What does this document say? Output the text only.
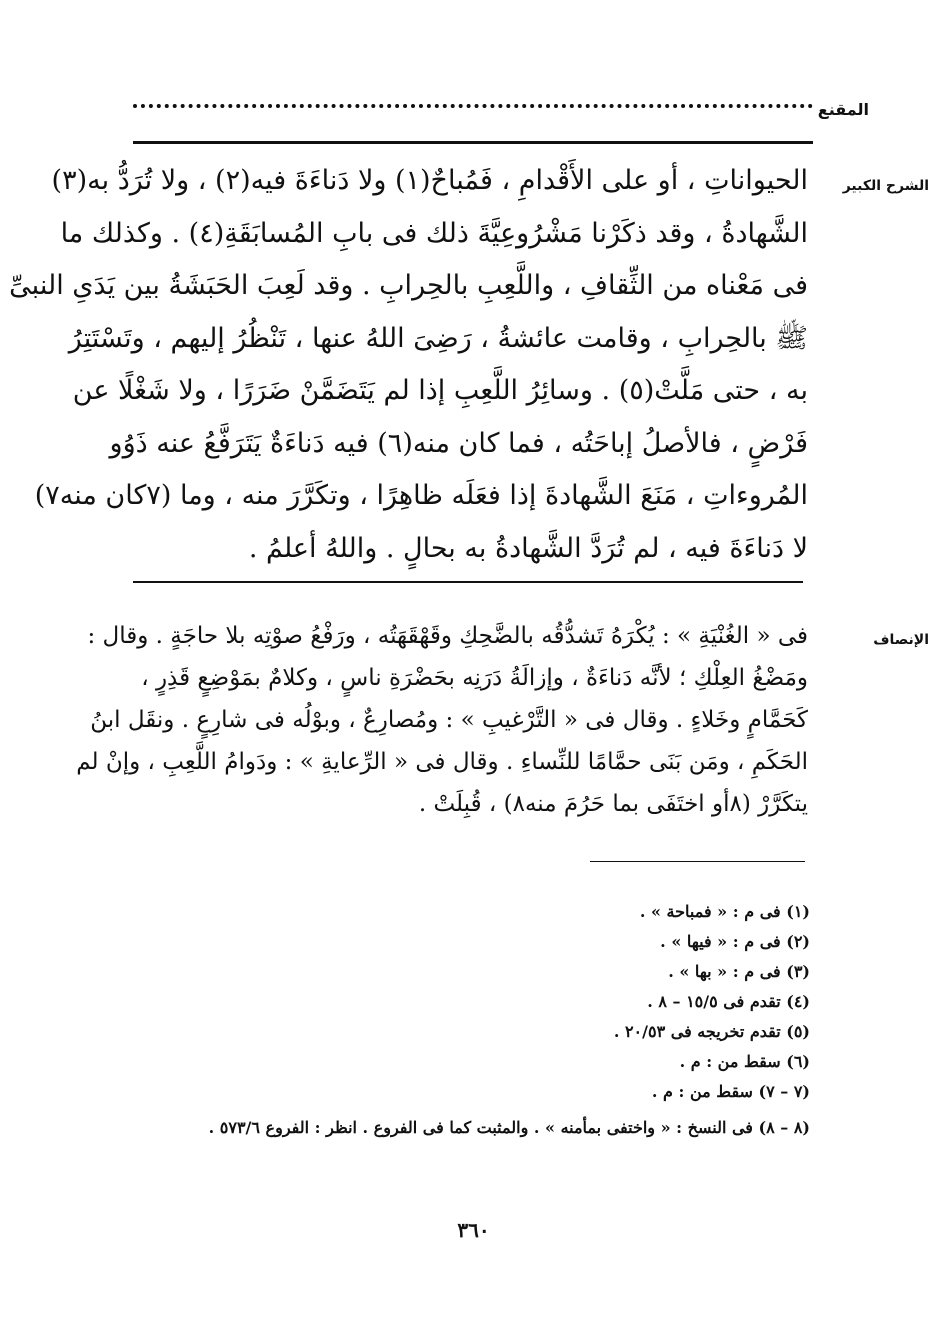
المقنع
الشرح الكبير
الحيواناتِ ، أو على الأَقْدامِ ، فَمُباحٌ(١) ولا دَناءَةَ فيه(٢) ، ولا تُرَدُّ به(٣)
الشَّهادةُ ، وقد ذكَرْنا مَشْرُوعِيَّةَ ذلك فى بابِ المُسابَقَةِ(٤) . وكذلك ما
فى مَعْناه من الثِّقافِ ، واللَّعِبِ بالحِرابِ . وقد لَعِبَ الحَبَشَةُ بين يَدَىِ النبىِّ
ﷺ بالحِرابِ ، وقامت عائشةُ ، رَضِىَ اللهُ عنها ، تَنْظُرُ إليهم ، وتَسْتَتِرُ
به ، حتى مَلَّتْ(٥) . وسائِرُ اللَّعِبِ إذا لم يَتَضَمَّنْ ضَرَرًا ، ولا شَغْلًا عن
فَرْضٍ ، فالأصلُ إباحَتُه ، فما كان منه(٦) فيه دَناءَةٌ يَتَرَفَّعُ عنه ذَوُو
المُروءاتِ ، مَنَعَ الشَّهادةَ إذا فعَلَه ظاهِرًا ، وتكَرَّرَ منه ، وما (٧كان منه٧)
لا دَناءَةَ فيه ، لم تُرَدَّ الشَّهادةُ به بحالٍ . واللهُ أعلمُ .
الإنصاف
فى « الغُنْيَةِ » : يُكْرَهُ تَشدُّقُه بالضَّحِكِ وقَهْقَهَتُه ، ورَفْعُ صوْتِه بلا حاجَةٍ . وقال :
ومَضْغُ العِلْكِ ؛ لأنَّه دَناءَةٌ ، وإزالَةُ دَرَنِه بحَضْرَةِ ناسٍ ، وكلامٌ بمَوْضِعٍ قَذِرٍ ،
كَحَمَّامٍ وخَلاءٍ . وقال فى « التَّرْغيبِ » : ومُصارِعٌ ، وبوْلُه فى شارِعٍ . ونقَل ابنُ
الحَكَمِ ، ومَن بَنَى حمَّامًا للنِّساءِ . وقال فى « الرِّعايةِ » : ودَوامُ اللَّعِبِ ، وإنْ لم
يتكَرَّرْ (٨أو اختَفَى بما حَرُمَ منه٨) ، قُبِلَتْ .
(١) فى م : « فمباحة » .
(٢) فى م : « فيها » .
(٣) فى م : « بها » .
(٤) تقدم فى ١٥/٥ – ٨ .
(٥) تقدم تخريجه فى ٢٠/٥٣ .
(٦) سقط من : م .
(٧ – ٧) سقط من : م .
(٨ – ٨) فى النسخ : « واختفى بمأمنه » . والمثبت كما فى الفروع . انظر : الفروع ٥٧٣/٦ .
٣٦٠
